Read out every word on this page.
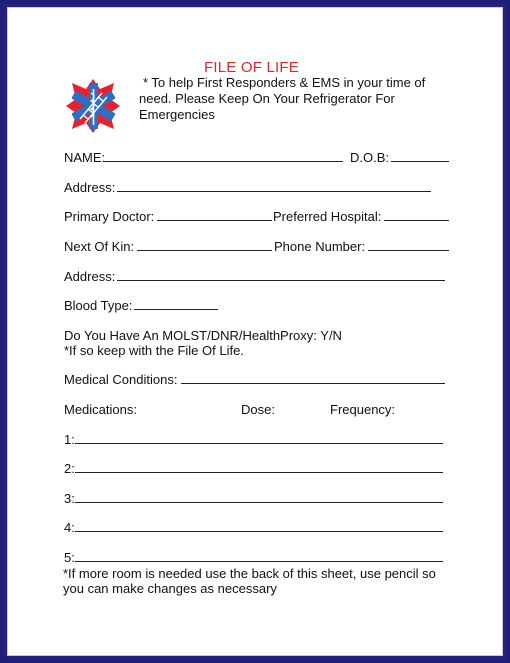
FILE OF LIFE
* To help First Responders & EMS in your time of
need. Please Keep On Your Refrigerator For
Emergencies
NAME:	D.O.B:
Address:
Primary Doctor:	Preferred Hospital:
Next Of Kin:	Phone Number:
Address:
Blood Type:
Do You Have An MOLST/DNR/HealthProxy: Y/N
*If so keep with the File Of Life.
Medical Conditions:
Medications:	Dose:	Frequency:
1:
2:
3:
4:
5:
*If more room is needed use the back of this sheet, use pencil so you can make changes as necessary
